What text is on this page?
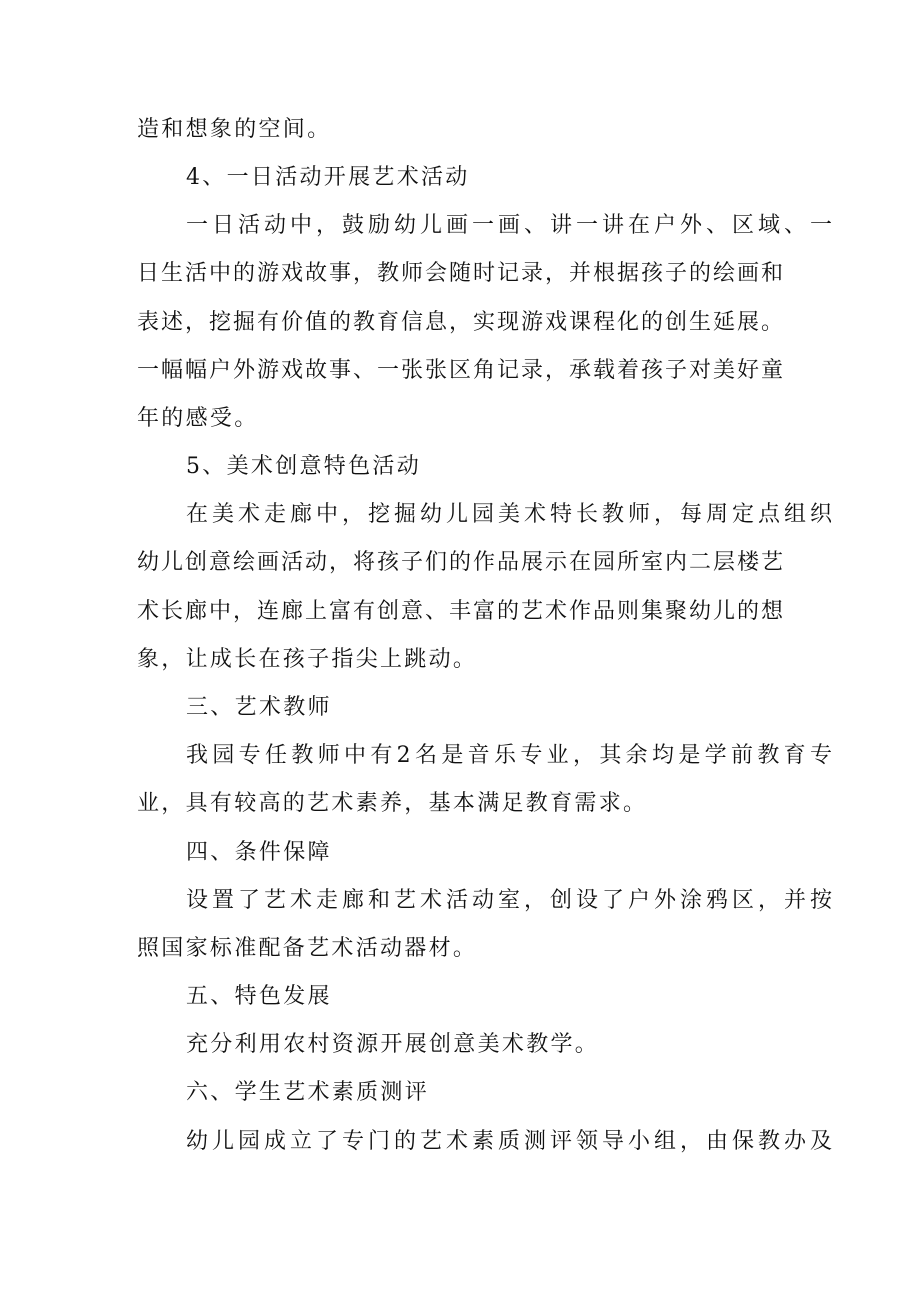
造和想象的空间。
4、一日活动开展艺术活动
一日活动中，鼓励幼儿画一画、讲一讲在户外、区域、一
日生活中的游戏故事，教师会随时记录，并根据孩子的绘画和
表述，挖掘有价值的教育信息，实现游戏课程化的创生延展。
一幅幅户外游戏故事、一张张区角记录，承载着孩子对美好童
年的感受。
5、美术创意特色活动
在美术走廊中，挖掘幼儿园美术特长教师，每周定点组织
幼儿创意绘画活动，将孩子们的作品展示在园所室内二层楼艺
术长廊中，连廊上富有创意、丰富的艺术作品则集聚幼儿的想
象，让成长在孩子指尖上跳动。
三、艺术教师
我园专任教师中有2名是音乐专业，其余均是学前教育专
业，具有较高的艺术素养，基本满足教育需求。
四、条件保障
设置了艺术走廊和艺术活动室，创设了户外涂鸦区，并按
照国家标准配备艺术活动器材。
五、特色发展
充分利用农村资源开展创意美术教学。
六、学生艺术素质测评
幼儿园成立了专门的艺术素质测评领导小组，由保教办及
